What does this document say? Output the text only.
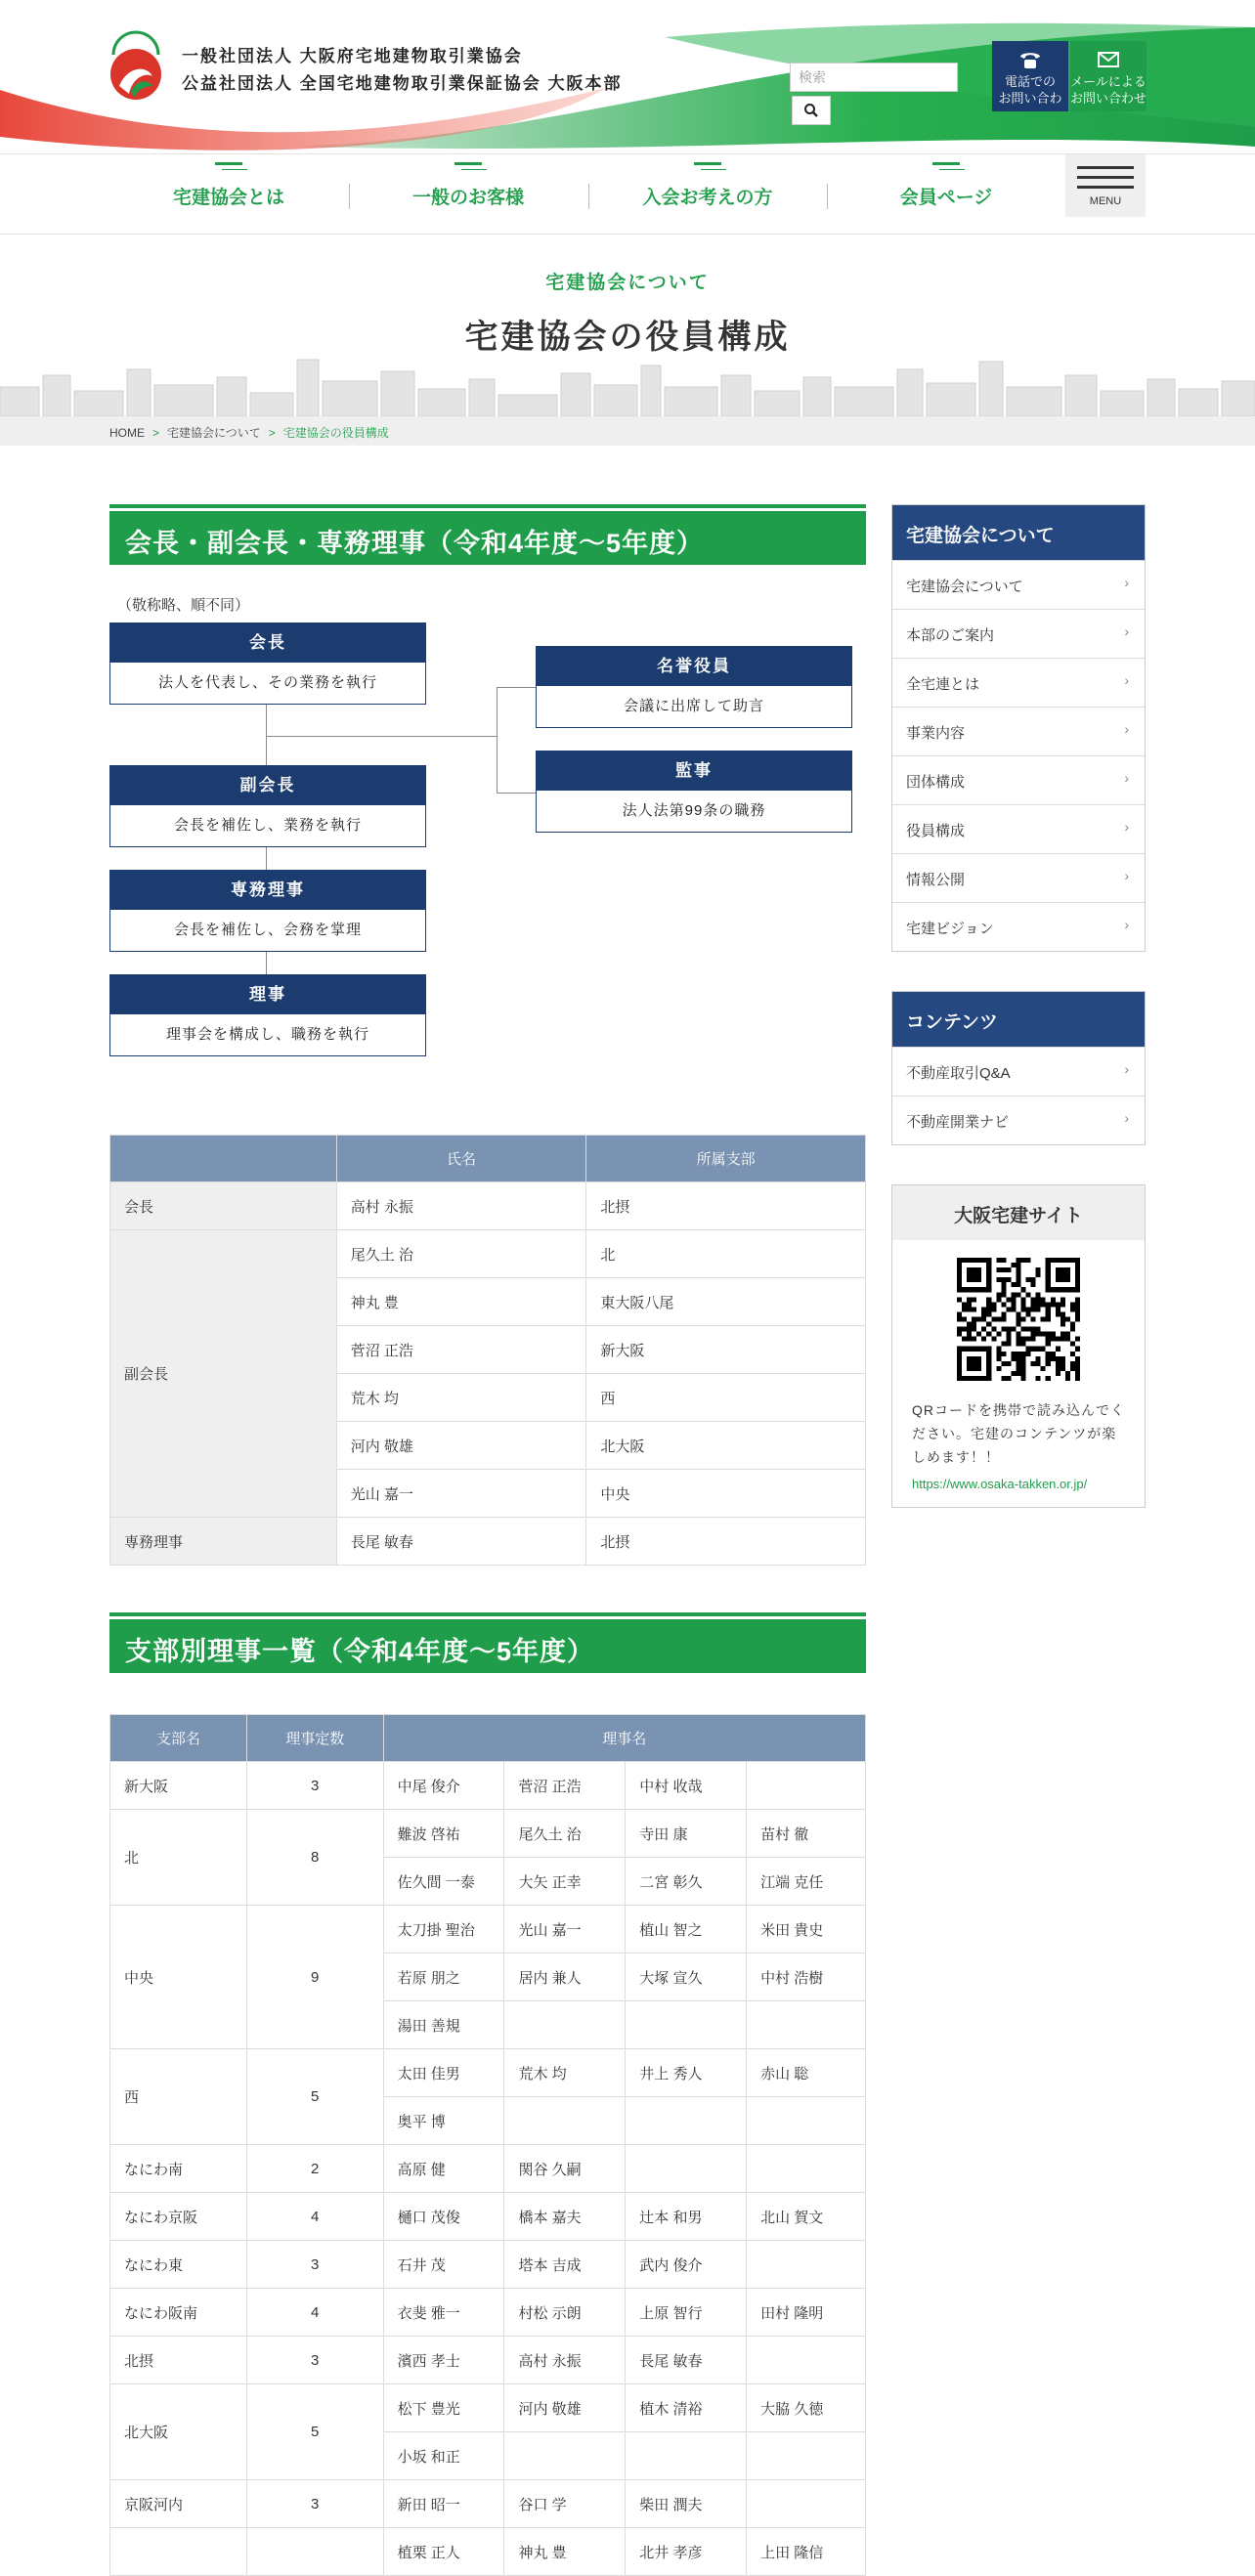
一般社団法人 大阪府宅地建物取引業協会
公益社団法人 全国宅地建物取引業保証協会 大阪本部	検索	電話での
お問い合わ
メールによる
お問い合わせ
宅建協会とは	一般のお客様	入会お考えの方	会員ページ	MENU
宅建協会について
宅建協会の役員構成
HOME > 宅建協会について > 宅建協会の役員構成
会長・副会長・専務理事（令和4年度～5年度）
（敬称略、順不同）
会長
法人を代表し、その業務を執行
副会長
会長を補佐し、業務を執行
専務理事
会長を補佐し、会務を掌理
理事
理事会を構成し、職務を執行
名誉役員
会議に出席して助言
監事
法人法第99条の職務
	氏名	所属支部
会長	高村 永振	北摂
副会長	尾久土 治	北
	神丸 豊	東大阪八尾
	菅沼 正浩	新大阪
	荒木 均	西
	河内 敬雄	北大阪
	光山 嘉一	中央
専務理事	長尾 敏春	北摂
支部別理事一覧（令和4年度～5年度）
支部名	理事定数	理事名			
新大阪	3	中尾 俊介	菅沼 正浩	中村 收哉	
北	8	難波 啓祐	尾久土 治	寺田 康	苗村 徹
		佐久間 一泰	大矢 正幸	二宮 彰久	江端 克任
中央	9	太刀掛 聖治	光山 嘉一	植山 智之	米田 貴史
		若原 朋之	居内 兼人	大塚 宣久	中村 浩樹
		湯田 善規			
西	5	太田 佳男	荒木 均	井上 秀人	赤山 聡
		奥平 博			
なにわ南	2	高原 健	関谷 久嗣		
なにわ京阪	4	樋口 茂俊	橋本 嘉夫	辻本 和男	北山 賀文
なにわ東	3	石井 茂	塔本 吉成	武内 俊介	
なにわ阪南	4	衣斐 雅一	村松 示朗	上原 智行	田村 隆明
北摂	3	濱西 孝士	高村 永振	長尾 敏春	
北大阪	5	松下 豊光	河内 敬雄	植木 清裕	大脇 久徳
		小坂 和正			
京阪河内	3	新田 昭一	谷口 学	柴田 潤夫	
		植栗 正人	神丸 豊	北井 孝彦	上田 隆信
宅建協会について
宅建協会について	›
本部のご案内	›
全宅連とは	›
事業内容	›
団体構成	›
役員構成	›
情報公開	›
宅建ビジョン	›
コンテンツ
不動産取引Q&A	›
不動産開業ナビ	›
大阪宅建サイト
QRコードを携帯で読み込んでください。宅建のコンテンツが楽しめます！！
https://www.osaka-takken.or.jp/
